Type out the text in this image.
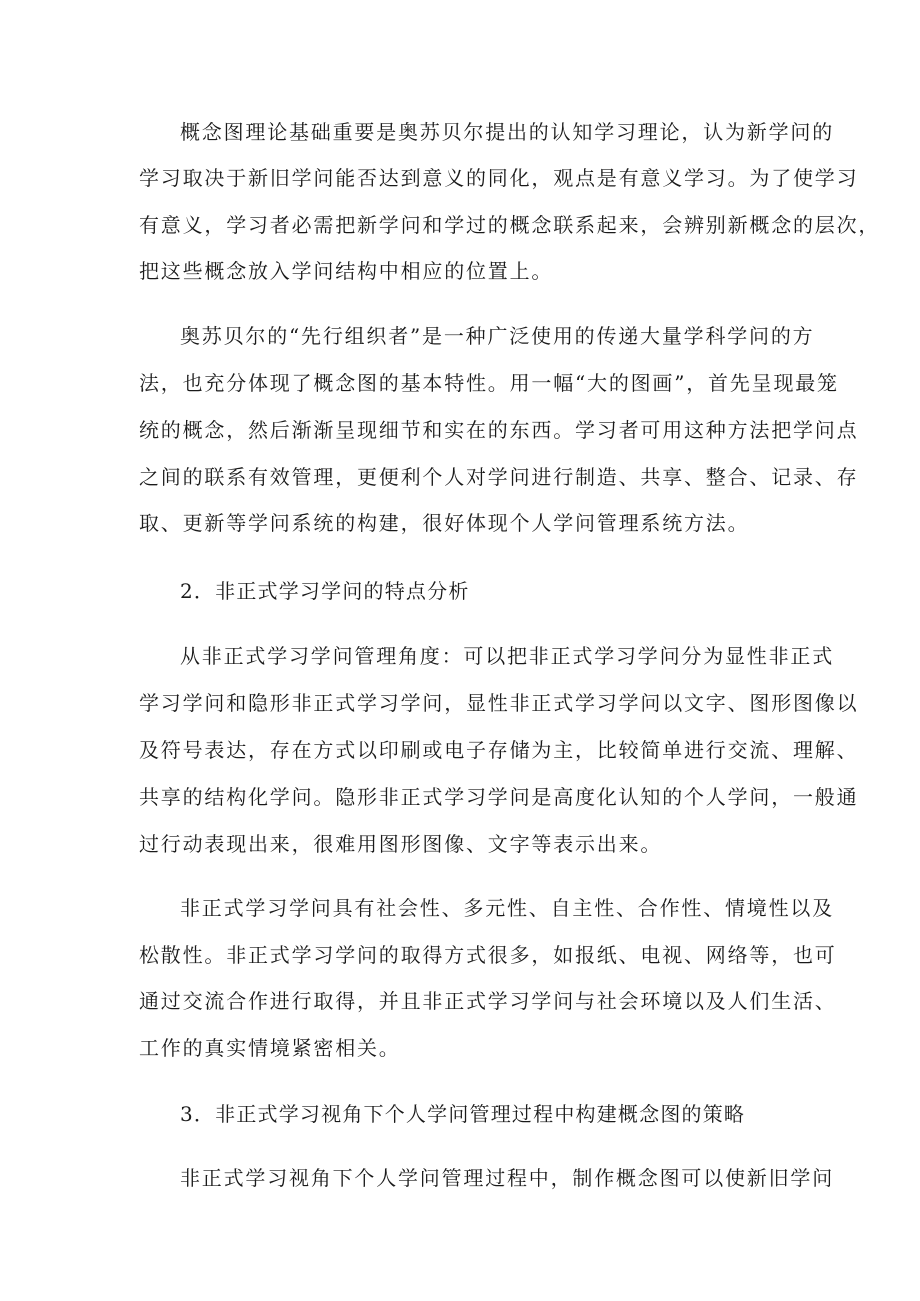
概念图理论基础重要是奥苏贝尔提出的认知学习理论，认为新学问的
学习取决于新旧学问能否达到意义的同化，观点是有意义学习。为了使学习
有意义，学习者必需把新学问和学过的概念联系起来，会辨别新概念的层次，
把这些概念放入学问结构中相应的位置上。
奥苏贝尔的“先行组织者”是一种广泛使用的传递大量学科学问的方
法，也充分体现了概念图的基本特性。用一幅“大的图画”，首先呈现最笼
统的概念，然后渐渐呈现细节和实在的东西。学习者可用这种方法把学问点
之间的联系有效管理，更便利个人对学问进行制造、共享、整合、记录、存
取、更新等学问系统的构建，很好体现个人学问管理系统方法。
2．非正式学习学问的特点分析
从非正式学习学问管理角度：可以把非正式学习学问分为显性非正式
学习学问和隐形非正式学习学问，显性非正式学习学问以文字、图形图像以
及符号表达，存在方式以印刷或电子存储为主，比较简单进行交流、理解、
共享的结构化学问。隐形非正式学习学问是高度化认知的个人学问，一般通
过行动表现出来，很难用图形图像、文字等表示出来。
非正式学习学问具有社会性、多元性、自主性、合作性、情境性以及
松散性。非正式学习学问的取得方式很多，如报纸、电视、网络等，也可
通过交流合作进行取得，并且非正式学习学问与社会环境以及人们生活、
工作的真实情境紧密相关。
3．非正式学习视角下个人学问管理过程中构建概念图的策略
非正式学习视角下个人学问管理过程中，制作概念图可以使新旧学问
